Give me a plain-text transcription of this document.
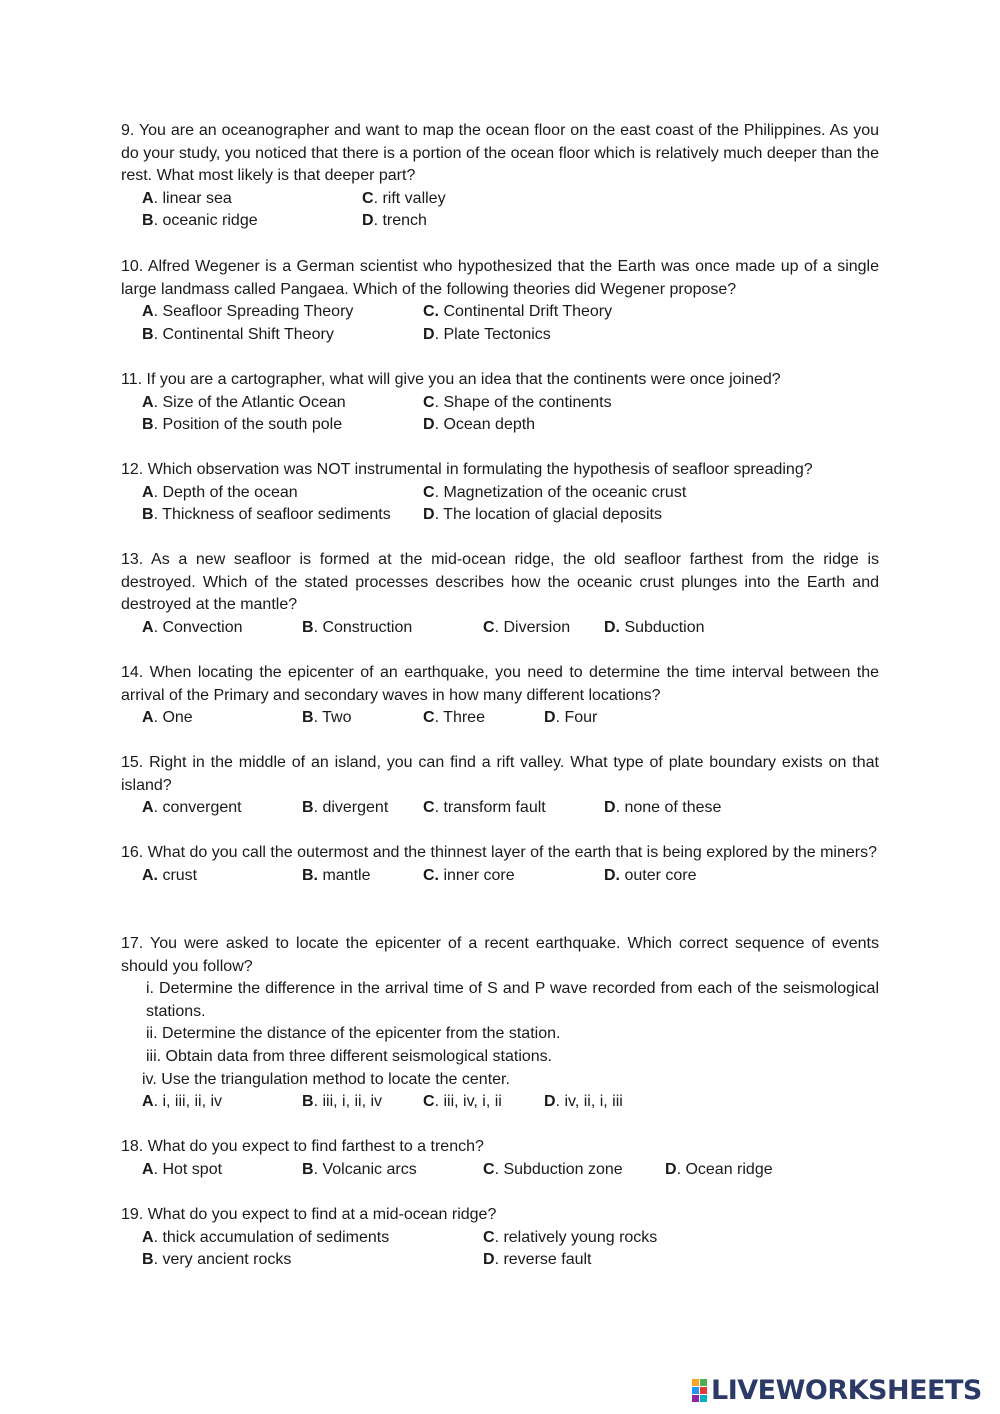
9. You are an oceanographer and want to map the ocean floor on the east coast of the Philippines. As you do your study, you noticed that there is a portion of the ocean floor which is relatively much deeper than the rest. What most likely is that deeper part?

A. linear sea	C. rift valley
B. oceanic ridge	D. trench

10. Alfred Wegener is a German scientist who hypothesized that the Earth was once made up of a single large landmass called Pangaea. Which of the following theories did Wegener propose?

A. Seafloor Spreading Theory	C. Continental Drift Theory
B. Continental Shift Theory	D. Plate Tectonics

11. If you are a cartographer, what will give you an idea that the continents were once joined?

A. Size of the Atlantic Ocean	C. Shape of the continents
B. Position of the south pole	D. Ocean depth

12. Which observation was NOT instrumental in formulating the hypothesis of seafloor spreading?

A. Depth of the ocean	C. Magnetization of the oceanic crust
B. Thickness of seafloor sediments D. The location of glacial deposits

13. As a new seafloor is formed at the mid-ocean ridge, the old seafloor farthest from the ridge is destroyed. Which of the stated processes describes how the oceanic crust plunges into the Earth and destroyed at the mantle?

A. Convection	B. Construction	C. Diversion D. Subduction

14. When locating the epicenter of an earthquake, you need to determine the time interval between the arrival of the Primary and secondary waves in how many different locations?

A. One	B. Two	C. Three	D. Four

15. Right in the middle of an island, you can find a rift valley. What type of plate boundary exists on that island?

A. convergent	B. divergent C. transform fault	D. none of these

16. What do you call the outermost and the thinnest layer of the earth that is being explored by the miners?

A. crust	B. mantle	C. inner core	D. outer core

17. You were asked to locate the epicenter of a recent earthquake. Which correct sequence of events should you follow?

i. Determine the difference in the arrival time of S and P wave recorded from each of the seismological stations.

ii. Determine the distance of the epicenter from the station.

iii. Obtain data from three different seismological stations.

iv. Use the triangulation method to locate the center.

A. i, iii, ii, iv	B. iii, i, ii, iv	C. iii, iv, i, ii	D. iv, ii, i, iii

18. What do you expect to find farthest to a trench?

A. Hot spot	B. Volcanic arcs	C. Subduction zone	D. Ocean ridge

19. What do you expect to find at a mid-ocean ridge?

A. thick accumulation of sediments	C. relatively young rocks
B. very ancient rocks	D. reverse fault
LIVEWORKSHEETS
